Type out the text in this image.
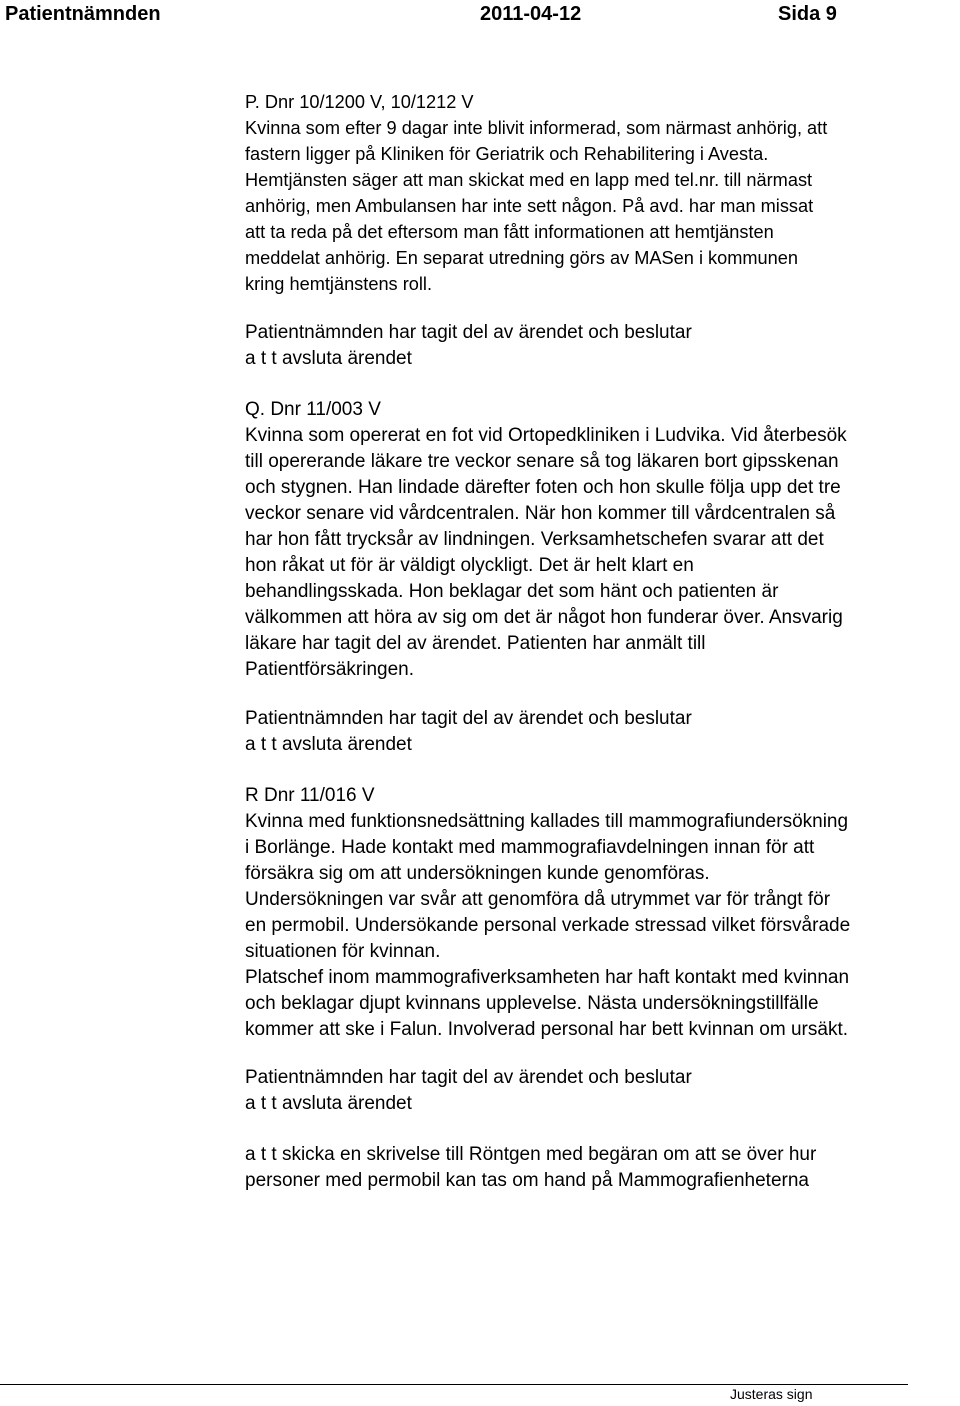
Patientnämnden	2011-04-12	Sida 9
P. Dnr 10/1200 V, 10/1212 V
Kvinna som efter 9 dagar inte blivit informerad, som närmast anhörig, att
fastern ligger på Kliniken för Geriatrik och Rehabilitering i Avesta.
Hemtjänsten säger att man skickat med en lapp med tel.nr. till närmast
anhörig, men Ambulansen har inte sett någon. På avd. har man missat
att ta reda på det eftersom man fått informationen att hemtjänsten
meddelat anhörig. En separat utredning görs av MASen i kommunen
kring hemtjänstens roll.
Patientnämnden har tagit del av ärendet och beslutar
a t t avsluta ärendet
Q. Dnr 11/003 V
Kvinna som opererat en fot vid Ortopedkliniken i Ludvika. Vid återbesök
till opererande läkare tre veckor senare så tog läkaren bort gipsskenan
och stygnen. Han lindade därefter foten och hon skulle följa upp det tre
veckor senare vid vårdcentralen. När hon kommer till vårdcentralen så
har hon fått trycksår av lindningen. Verksamhetschefen svarar att det
hon råkat ut för är väldigt olyckligt. Det är helt klart en
behandlingsskada. Hon beklagar det som hänt och patienten är
välkommen att höra av sig om det är något hon funderar över. Ansvarig
läkare har tagit del av ärendet. Patienten har anmält till
Patientförsäkringen.
Patientnämnden har tagit del av ärendet och beslutar
a t t avsluta ärendet
R Dnr 11/016 V
Kvinna med funktionsnedsättning kallades till mammografiundersökning
i Borlänge. Hade kontakt med mammografiavdelningen innan för att
försäkra sig om att undersökningen kunde genomföras.
Undersökningen var svår att genomföra då utrymmet var för trångt för
en permobil. Undersökande personal verkade stressad vilket försvårade
situationen för kvinnan.
Platschef inom mammografiverksamheten har haft kontakt med kvinnan
och beklagar djupt kvinnans upplevelse. Nästa undersökningstillfälle
kommer att ske i Falun. Involverad personal har bett kvinnan om ursäkt.
Patientnämnden har tagit del av ärendet och beslutar
a t t avsluta ärendet
a t t skicka en skrivelse till Röntgen med begäran om att se över hur
personer med permobil kan tas om hand på Mammografienheterna
Justeras sign
